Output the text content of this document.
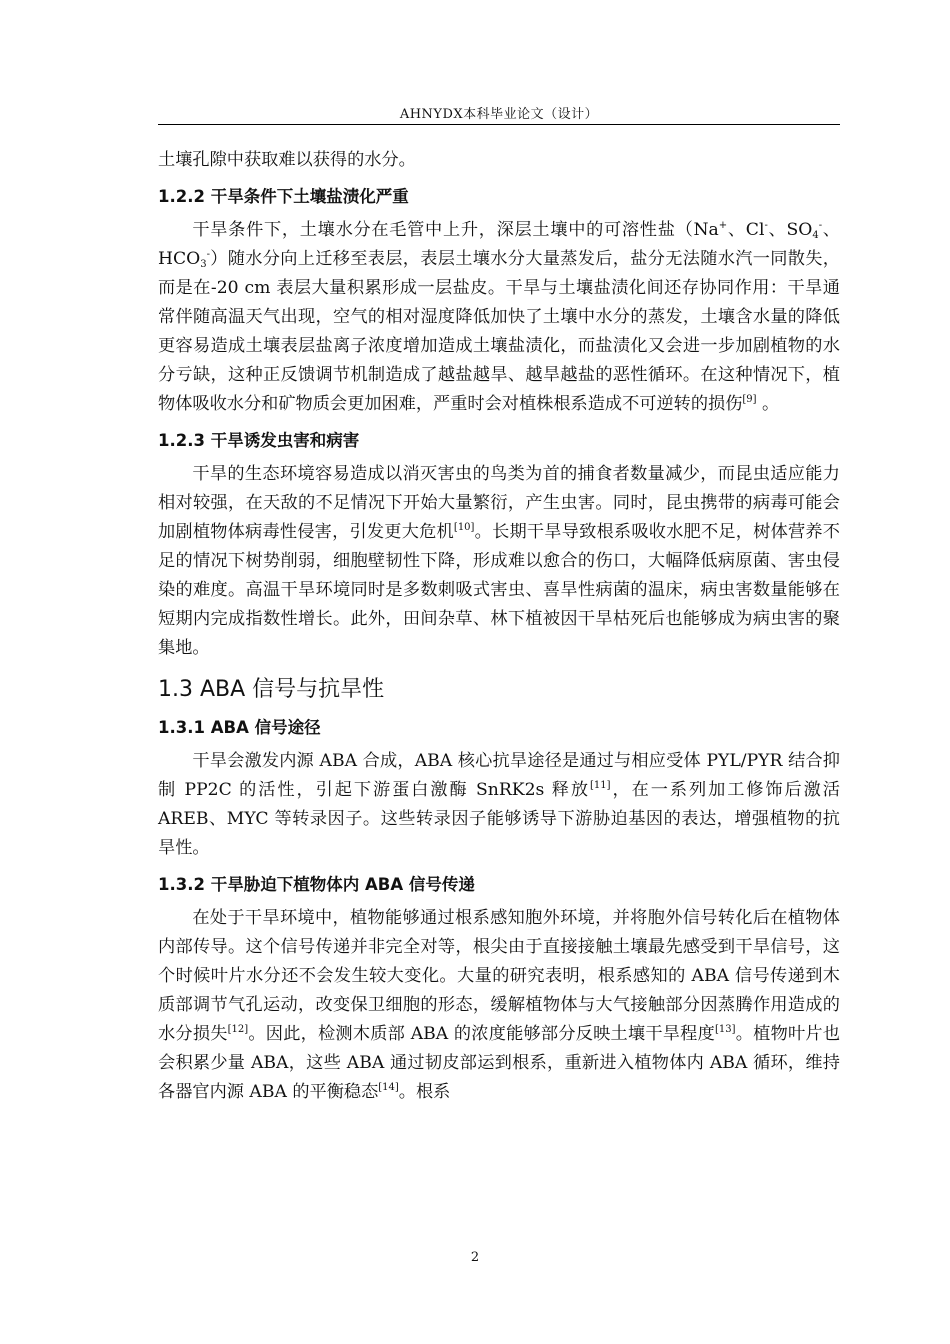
AHNYDX本科毕业论文（设计）

土壤孔隙中获取难以获得的水分。

1.2.2 干旱条件下土壤盐渍化严重

干旱条件下，土壤水分在毛管中上升，深层土壤中的可溶性盐（Na+、Cl-、$SO_4^-$、$HCO_3^-$）随水分向上迁移至表层，表层土壤水分大量蒸发后，盐分无法随水汽一同散失，而是在-20 cm 表层大量积累形成一层盐皮。干旱与土壤盐渍化间还存协同作用：干旱通常伴随高温天气出现，空气的相对湿度降低加快了土壤中水分的蒸发，土壤含水量的降低更容易造成土壤表层盐离子浓度增加造成土壤盐渍化，而盐渍化又会进一步加剧植物的水分亏缺，这种正反馈调节机制造成了越盐越旱、越旱越盐的恶性循环。在这种情况下，植物体吸收水分和矿物质会更加困难，严重时会对植株根系造成不可逆转的损伤[9] 。

1.2.3 干旱诱发虫害和病害

干旱的生态环境容易造成以消灭害虫的鸟类为首的捕食者数量减少，而昆虫适应能力相对较强，在天敌的不足情况下开始大量繁衍，产生虫害。同时，昆虫携带的病毒可能会加剧植物体病毒性侵害，引发更大危机[10]。长期干旱导致根系吸收水肥不足，树体营养不足的情况下树势削弱，细胞壁韧性下降，形成难以愈合的伤口，大幅降低病原菌、害虫侵染的难度。高温干旱环境同时是多数刺吸式害虫、喜旱性病菌的温床，病虫害数量能够在短期内完成指数性增长。此外，田间杂草、林下植被因干旱枯死后也能够成为病虫害的聚集地。

1.3 ABA 信号与抗旱性
1.3.1 ABA 信号途径

干旱会激发内源 ABA 合成，ABA 核心抗旱途径是通过与相应受体 PYL/PYR 结合抑制 PP2C 的活性，引起下游蛋白激酶 SnRK2s 释放[11]，在一系列加工修饰后激活 AREB、MYC 等转录因子。这些转录因子能够诱导下游胁迫基因的表达，增强植物的抗旱性。

1.3.2 干旱胁迫下植物体内 ABA 信号传递

在处于干旱环境中，植物能够通过根系感知胞外环境，并将胞外信号转化后在植物体内部传导。这个信号传递并非完全对等，根尖由于直接接触土壤最先感受到干旱信号，这个时候叶片水分还不会发生较大变化。大量的研究表明，根系感知的 ABA 信号传递到木质部调节气孔运动，改变保卫细胞的形态，缓解植物体与大气接触部分因蒸腾作用造成的水分损失[12]。因此，检测木质部 ABA 的浓度能够部分反映土壤干旱程度[13]。植物叶片也会积累少量 ABA，这些 ABA 通过韧皮部运到根系，重新进入植物体内 ABA 循环，维持各器官内源 ABA 的平衡稳态[14]。根系

2
